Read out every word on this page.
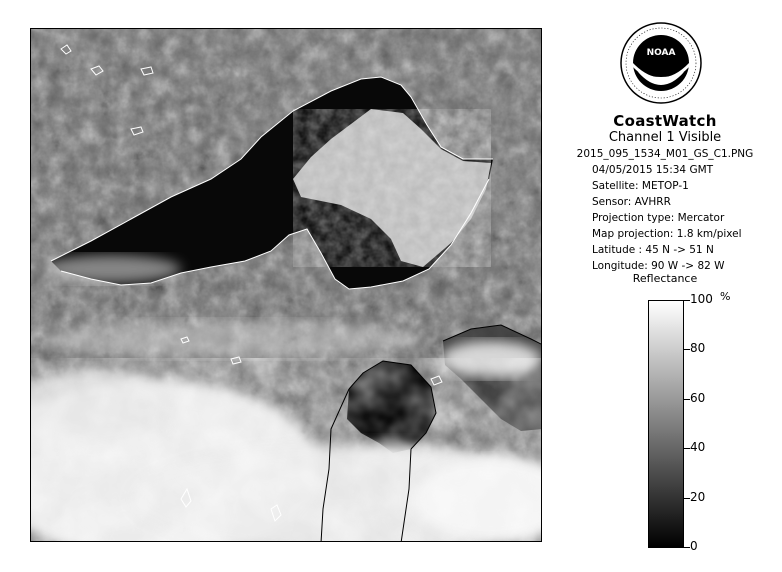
NOAA
CoastWatch
Channel 1 Visible
2015_095_1534_M01_GS_C1.PNG
04/05/2015 15:34 GMT
Satellite: METOP-1
Sensor: AVHRR
Projection type: Mercator
Map projection: 1.8 km/pixel
Latitude : 45 N -> 51 N
Longitude: 90 W -> 82 W
Reflectance
%
100
80
60
40
20
0
